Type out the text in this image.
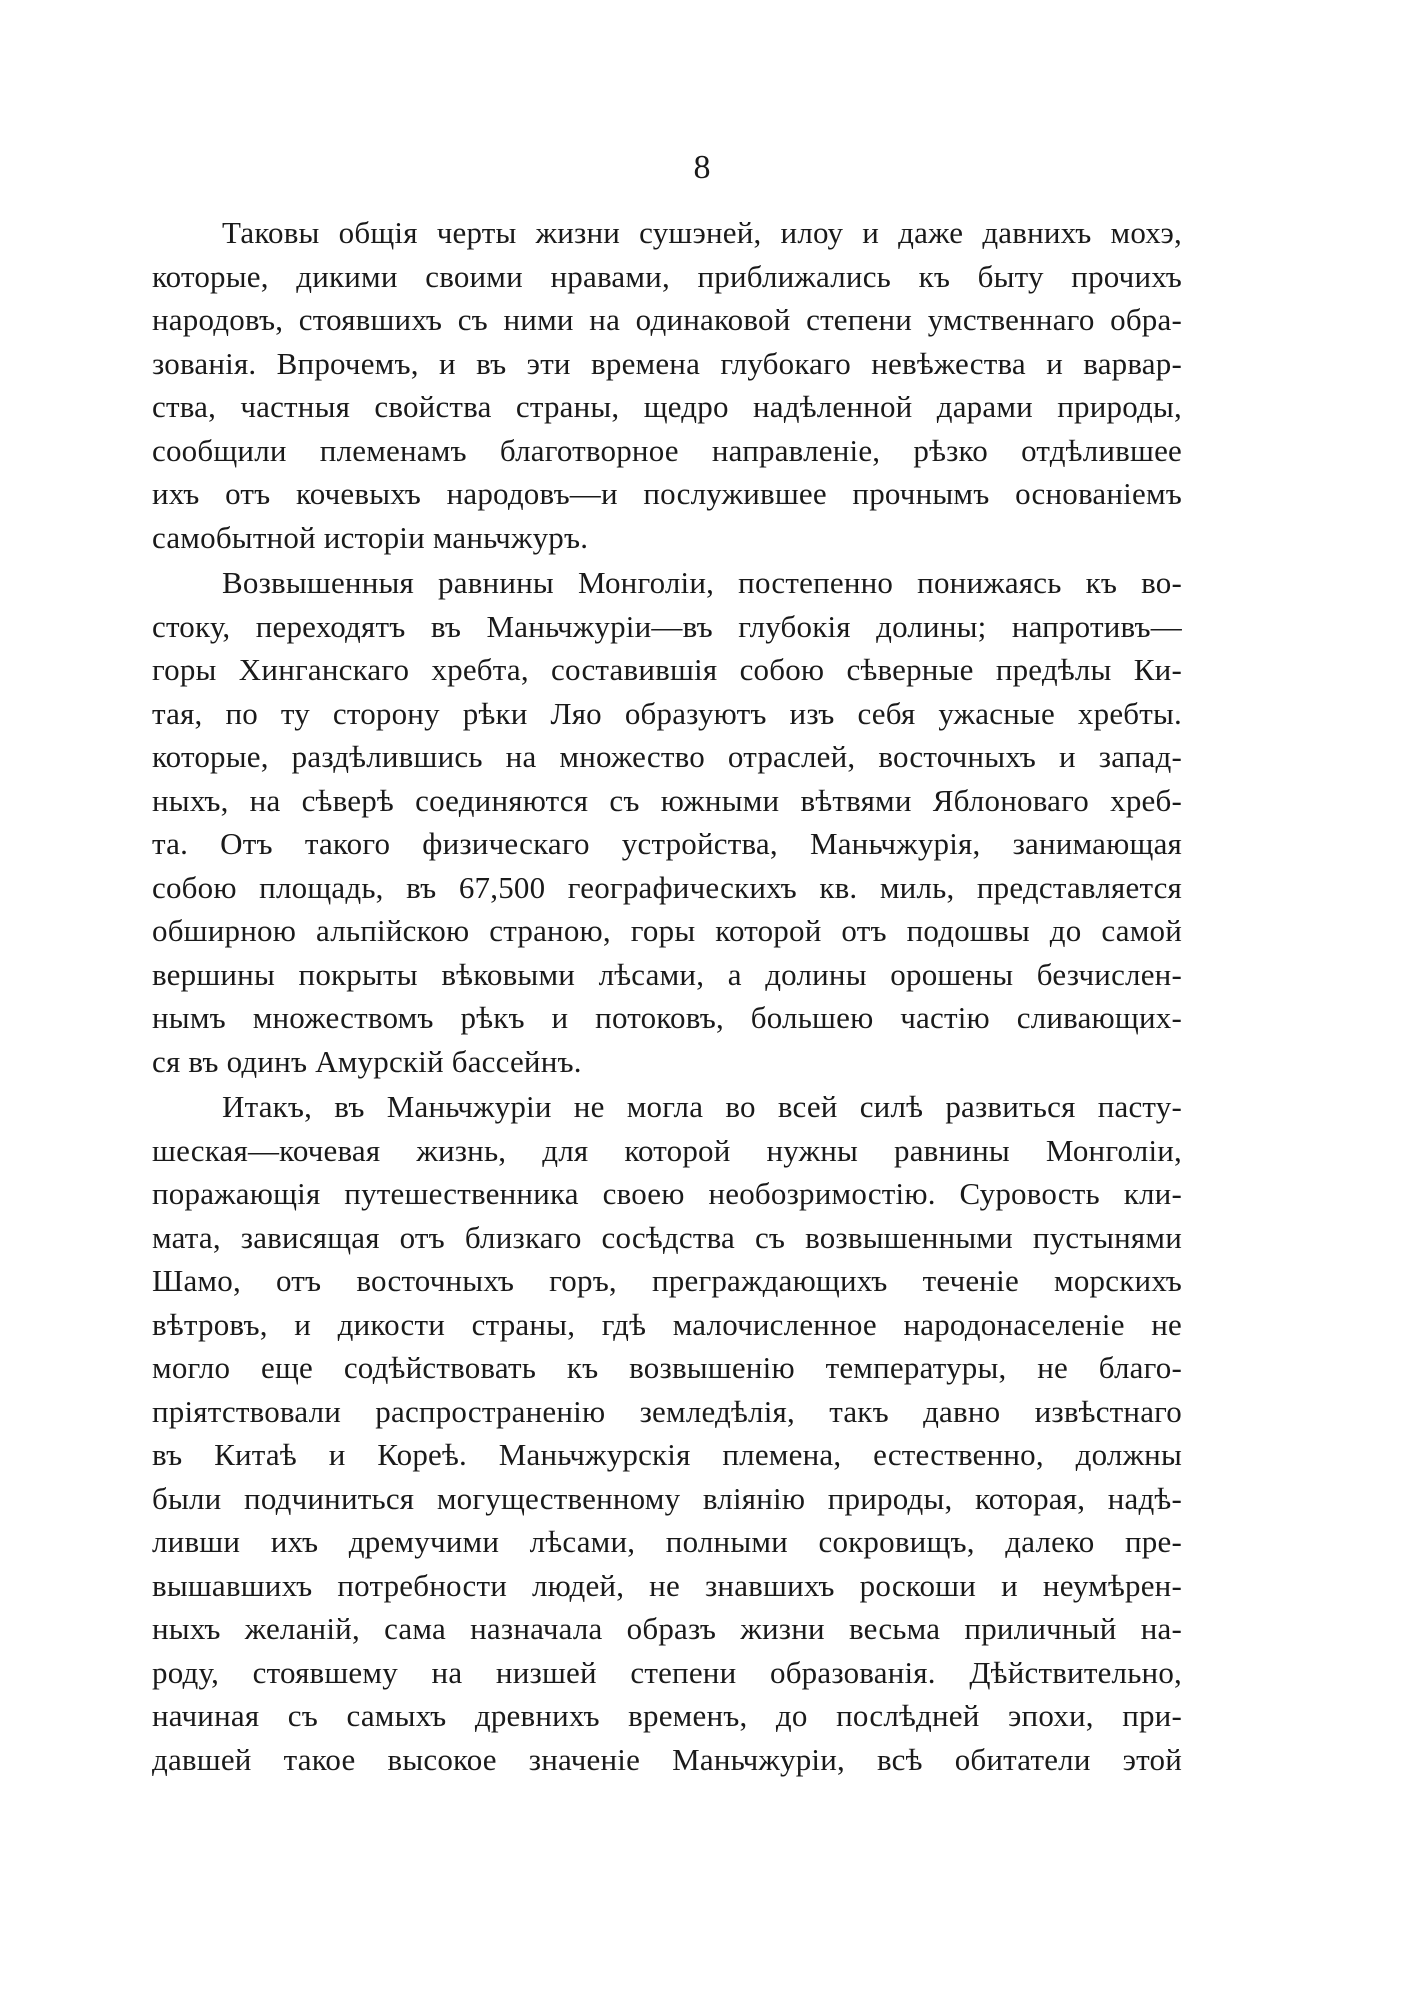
8
Таковы общія черты жизни сушэней, илоу и даже давнихъ мохэ,
которые, дикими своими нравами, приближались къ быту прочихъ
народовъ, стоявшихъ съ ними на одинаковой степени умственнаго обра-
зованія. Впрочемъ, и въ эти времена глубокаго невѣжества и варвар-
ства, частныя свойства страны, щедро надѣленной дарами природы,
сообщили племенамъ благотворное направленіе, рѣзко отдѣлившее
ихъ отъ кочевыхъ народовъ—и послужившее прочнымъ основаніемъ
самобытной исторіи маньчжуръ.
Возвышенныя равнины Монголіи, постепенно понижаясь къ во-
стоку, переходятъ въ Маньчжуріи—въ глубокія долины; напротивъ—
горы Хинганскаго хребта, составившія собою сѣверные предѣлы Ки-
тая, по ту сторону рѣки Ляо образуютъ изъ себя ужасные хребты.
которые, раздѣлившись на множество отраслей, восточныхъ и запад-
ныхъ, на сѣверѣ соединяются съ южными вѣтвями Яблоноваго хреб-
та. Отъ такого физическаго устройства, Маньчжурія, занимающая
собою площадь, въ 67,500 географическихъ кв. миль, представляется
обширною альпійскою страною, горы которой отъ подошвы до самой
вершины покрыты вѣковыми лѣсами, а долины орошены безчислен-
нымъ множествомъ рѣкъ и потоковъ, большею частію сливающих-
ся въ одинъ Амурскій бассейнъ.
Итакъ, въ Маньчжуріи не могла во всей силѣ развиться пасту-
шеская—кочевая жизнь, для которой нужны равнины Монголіи,
поражающія путешественника своею необозримостію. Суровость кли-
мата, зависящая отъ близкаго сосѣдства съ возвышенными пустынями
Шамо, отъ восточныхъ горъ, преграждающихъ теченіе морскихъ
вѣтровъ, и дикости страны, гдѣ малочисленное народонаселеніе не
могло еще содѣйствовать къ возвышенію температуры, не благо-
пріятствовали распространенію земледѣлія, такъ давно извѣстнаго
въ Китаѣ и Кореѣ. Маньчжурскія племена, естественно, должны
были подчиниться могущественному вліянію природы, которая, надѣ-
ливши ихъ дремучими лѣсами, полными сокровищъ, далеко пре-
вышавшихъ потребности людей, не знавшихъ роскоши и неумѣрен-
ныхъ желаній, сама назначала образъ жизни весьма приличный на-
роду, стоявшему на низшей степени образованія. Дѣйствительно,
начиная съ самыхъ древнихъ временъ, до послѣдней эпохи, при-
давшей такое высокое значеніе Маньчжуріи, всѣ обитатели этой
